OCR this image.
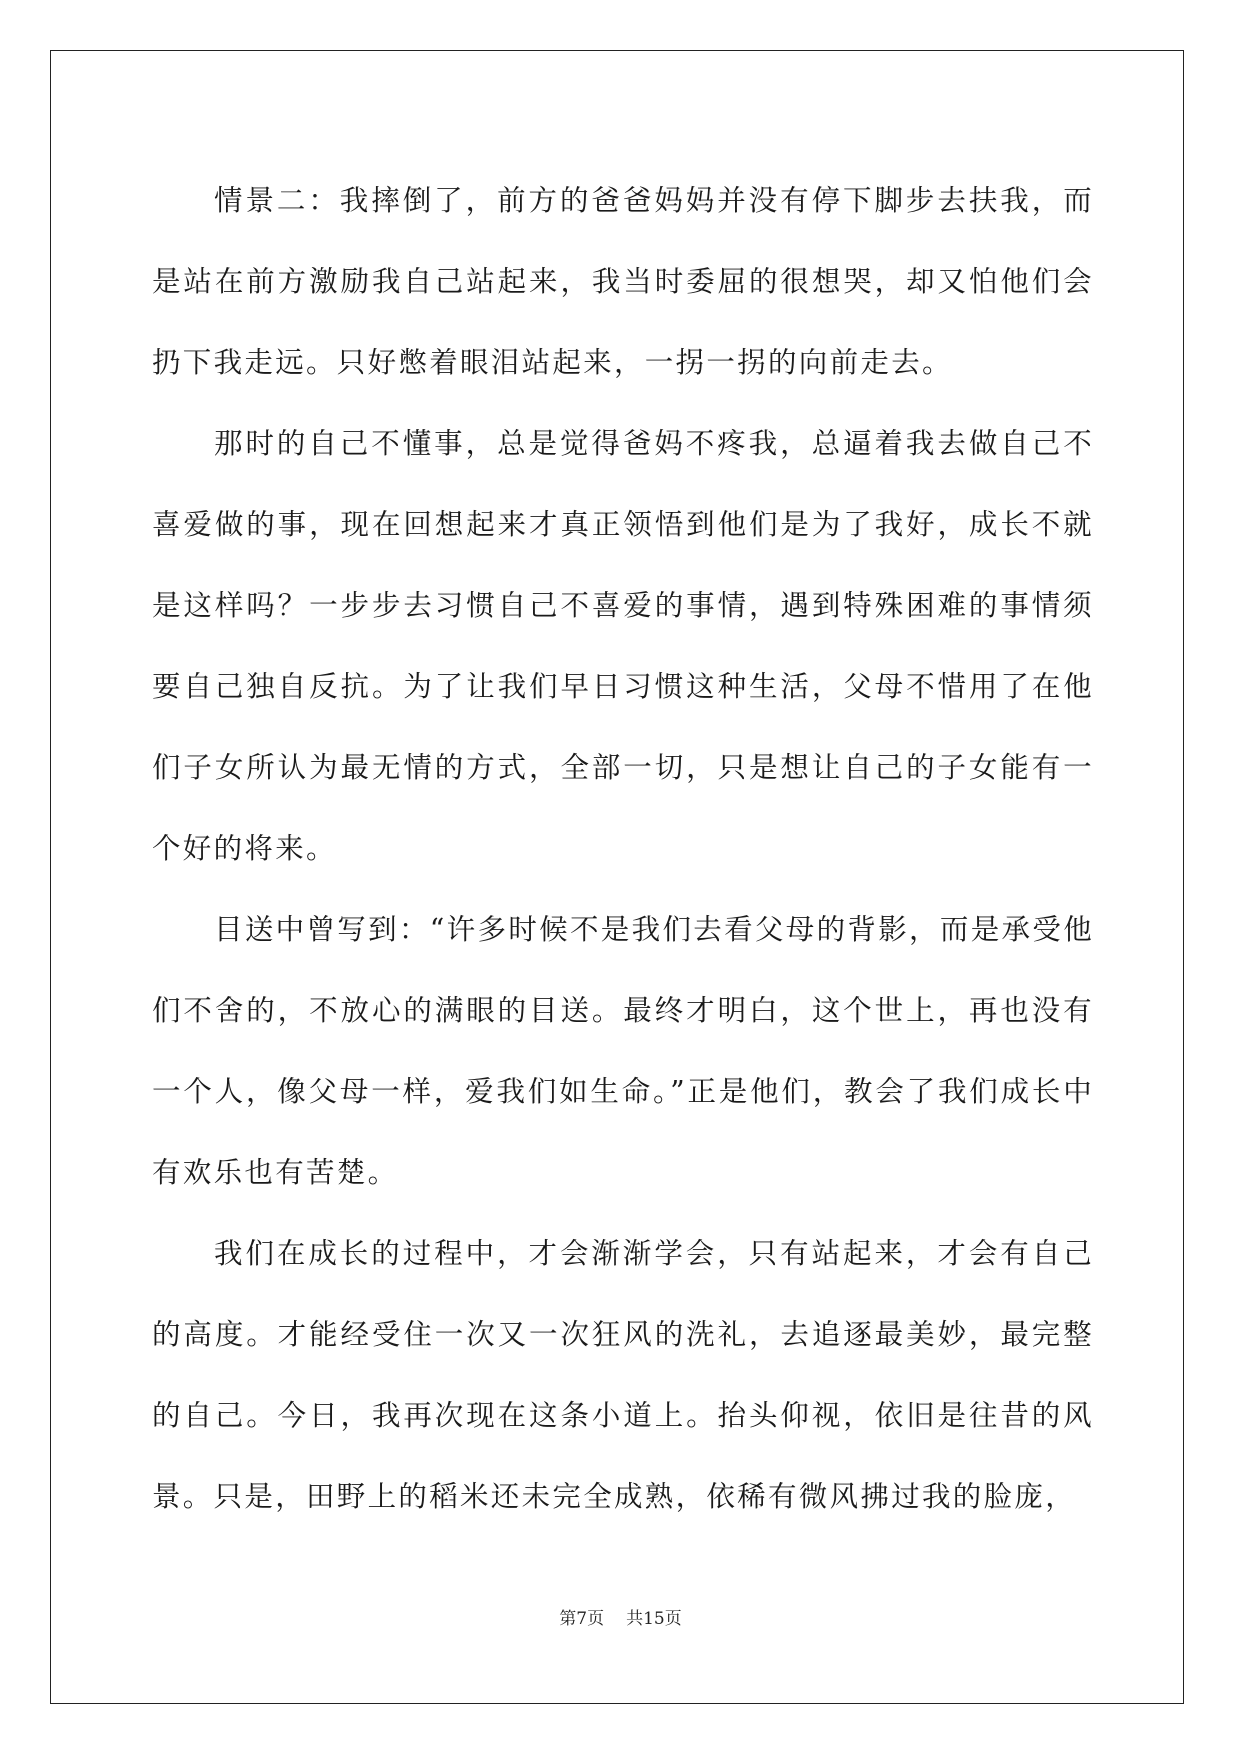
情景二：我摔倒了，前方的爸爸妈妈并没有停下脚步去扶我，而是站在前方激励我自己站起来，我当时委屈的很想哭，却又怕他们会扔下我走远。只好憋着眼泪站起来，一拐一拐的向前走去。

那时的自己不懂事，总是觉得爸妈不疼我，总逼着我去做自己不喜爱做的事，现在回想起来才真正领悟到他们是为了我好，成长不就是这样吗？一步步去习惯自己不喜爱的事情，遇到特殊困难的事情须要自己独自反抗。为了让我们早日习惯这种生活，父母不惜用了在他们子女所认为最无情的方式，全部一切，只是想让自己的子女能有一个好的将来。

目送中曾写到：“许多时候不是我们去看父母的背影，而是承受他们不舍的，不放心的满眼的目送。最终才明白，这个世上，再也没有一个人，像父母一样，爱我们如生命。”正是他们，教会了我们成长中有欢乐也有苦楚。

我们在成长的过程中，才会渐渐学会，只有站起来，才会有自己的高度。才能经受住一次又一次狂风的洗礼，去追逐最美妙，最完整的自己。今日，我再次现在这条小道上。抬头仰视，依旧是往昔的风景。只是，田野上的稻米还未完全成熟，依稀有微风拂过我的脸庞，

第7页 共15页
